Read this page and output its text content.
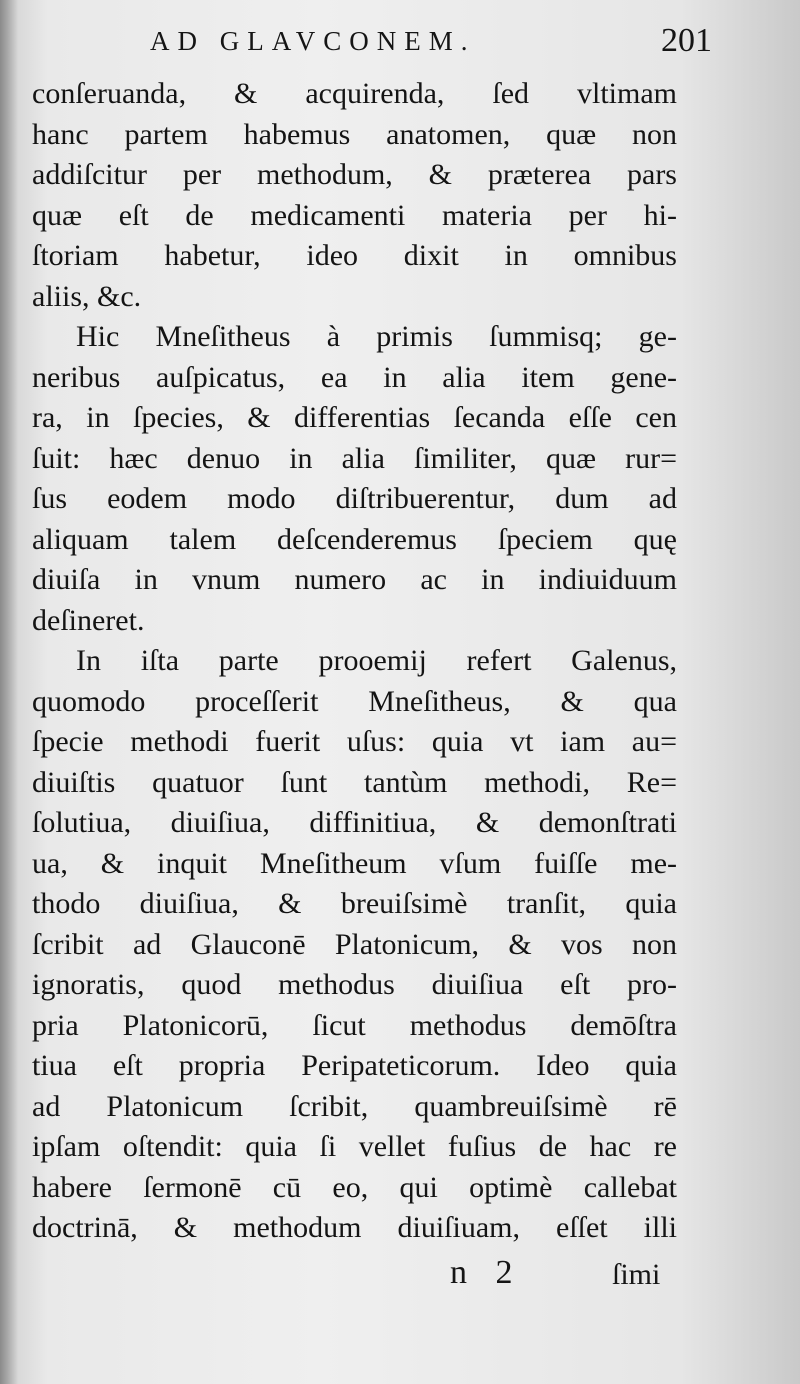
AD GLAVCONEM.	201
conſeruanda, & acquirenda, ſed vltimam
hanc partem habemus anatomen, quæ non
addiſcitur per methodum, & præterea pars
quæ eſt de medicamenti materia per hi-
ſtoriam habetur, ideo dixit in omnibus
aliis, &c.
Hic Mneſitheus à primis ſummisq; ge-
neribus auſpicatus, ea in alia item gene-
ra, in ſpecies, & differentias ſecanda eſſe cen
ſuit: hæc denuo in alia ſimiliter, quæ rur=
ſus eodem modo diſtribuerentur, dum ad
aliquam talem deſcenderemus ſpeciem quę
diuiſa in vnum numero ac in indiuiduum
deſineret.
In iſta parte prooemij refert Galenus,
quomodo proceſſerit Mneſitheus, & qua
ſpecie methodi fuerit uſus: quia vt iam au=
diuiſtis quatuor ſunt tantùm methodi, Re=
ſolutiua, diuiſiua, diffinitiua, & demonſtrati
ua, & inquit Mneſitheum vſum fuiſſe me-
thodo diuiſiua, & breuiſsimè tranſit, quia
ſcribit ad Glauconē Platonicum, & vos non
ignoratis, quod methodus diuiſiua eſt pro-
pria Platonicorū, ſicut methodus demōſtra
tiua eſt propria Peripateticorum. Ideo quia
ad Platonicum ſcribit, quambreuiſsimè rē
ipſam oſtendit: quia ſi vellet fuſius de hac re
habere ſermonē cū eo, qui optimè callebat
doctrinā, & methodum diuiſiuam, eſſet illi
n 2	ſimi
